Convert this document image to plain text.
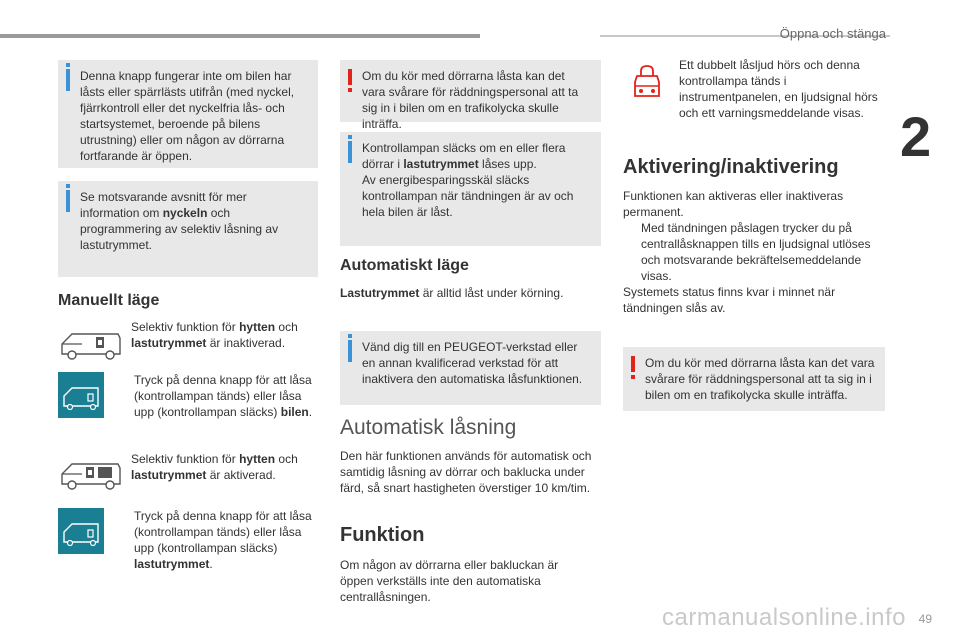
Öppna och stänga
2
Denna knapp fungerar inte om bilen har låsts eller spärrlästs utifrån (med nyckel, fjärrkontroll eller det nyckelfria lås- och startsystemet, beroende på bilens utrustning) eller om någon av dörrarna fortfarande är öppen.
Se motsvarande avsnitt för mer information om nyckeln och programmering av selektiv låsning av lastutrymmet.
Manuellt läge
Selektiv funktion för hytten och lastutrymmet är inaktiverad.
Tryck på denna knapp för att låsa (kontrollampan tänds) eller låsa upp (kontrollampan släcks) bilen.
Selektiv funktion för hytten och lastutrymmet är aktiverad.
Tryck på denna knapp för att låsa (kontrollampan tänds) eller låsa upp (kontrollampan släcks) lastutrymmet.
Om du kör med dörrarna låsta kan det vara svårare för räddningspersonal att ta sig in i bilen om en trafikolycka skulle inträffa.
Kontrollampan släcks om en eller flera dörrar i lastutrymmet låses upp.
Av energibesparingsskäl släcks kontrollampan när tändningen är av och hela bilen är låst.
Automatiskt läge
Lastutrymmet är alltid låst under körning.
Vänd dig till en PEUGEOT-verkstad eller en annan kvalificerad verkstad för att inaktivera den automatiska låsfunktionen.
Automatisk låsning
Den här funktionen används för automatisk och samtidig låsning av dörrar och baklucka under färd, så snart hastigheten överstiger 10 km/tim.
Funktion
Om någon av dörrarna eller bakluckan är öppen verkställs inte den automatiska centrallåsningen.
Ett dubbelt låsljud hörs och denna kontrollampa tänds i instrumentpanelen, en ljudsignal hörs och ett varningsmeddelande visas.
Aktivering/inaktivering
Funktionen kan aktiveras eller inaktiveras permanent.
Med tändningen påslagen trycker du på centrallåsknappen tills en ljudsignal utlöses och motsvarande bekräftelsemeddelande visas.
Systemets status finns kvar i minnet när tändningen slås av.
Om du kör med dörrarna låsta kan det vara svårare för räddningspersonal att ta sig in i bilen om en trafikolycka skulle inträffa.
carmanualsonline.info 49
